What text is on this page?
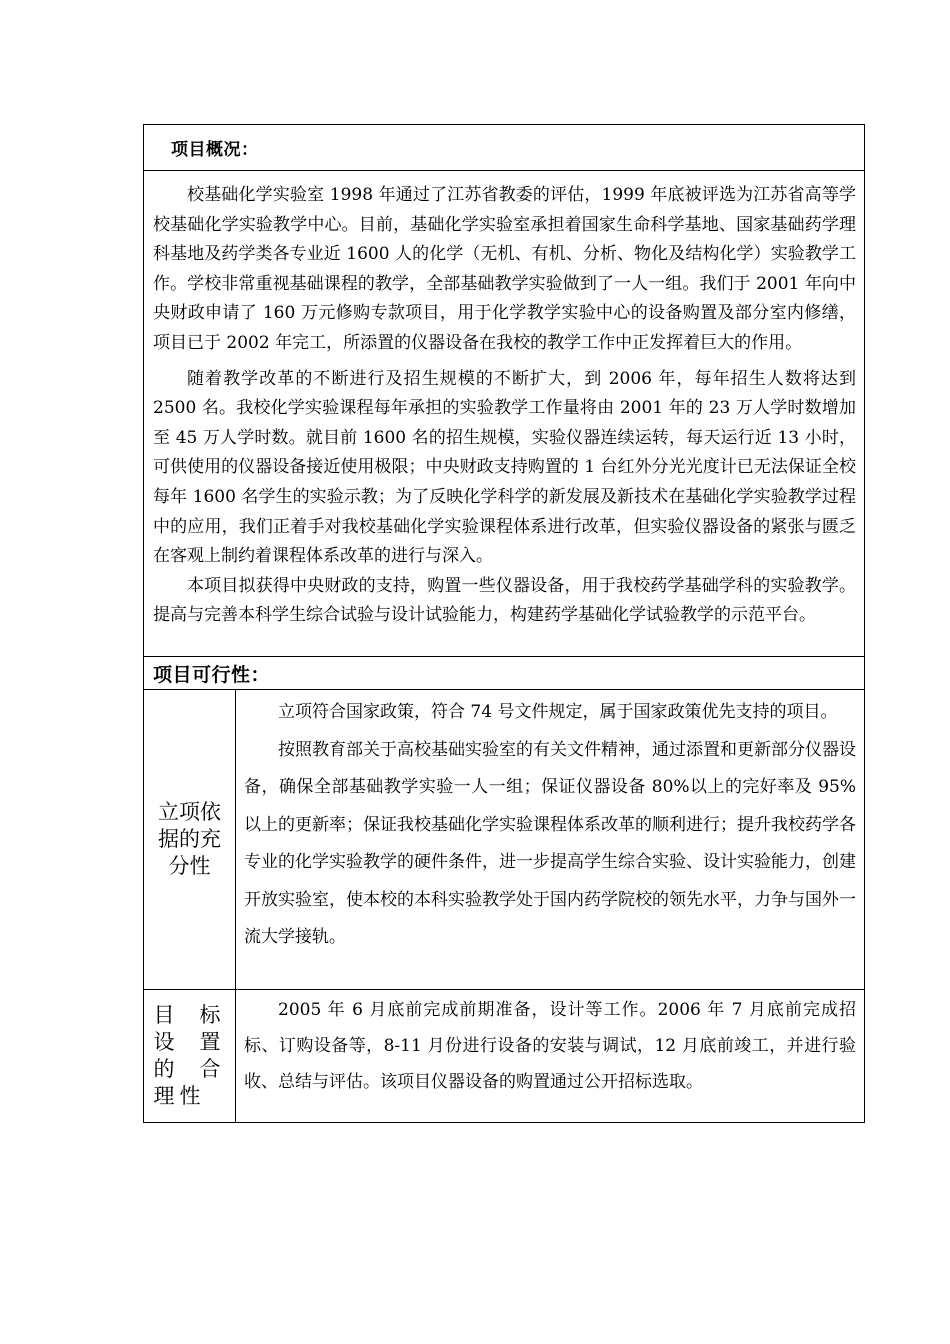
项目概况：

校基础化学实验室 1998 年通过了江苏省教委的评估，1999 年底被评选为江苏省高等学校基础化学实验教学中心。目前，基础化学实验室承担着国家生命科学基地、国家基础药学理科基地及药学类各专业近 1600 人的化学（无机、有机、分析、物化及结构化学）实验教学工作。学校非常重视基础课程的教学，全部基础教学实验做到了一人一组。我们于 2001 年向中央财政申请了 160 万元修购专款项目，用于化学教学实验中心的设备购置及部分室内修缮，项目已于 2002 年完工，所添置的仪器设备在我校的教学工作中正发挥着巨大的作用。

随着教学改革的不断进行及招生规模的不断扩大，到 2006 年，每年招生人数将达到 2500 名。我校化学实验课程每年承担的实验教学工作量将由 2001 年的 23 万人学时数增加至 45 万人学时数。就目前 1600 名的招生规模，实验仪器连续运转，每天运行近 13 小时，可供使用的仪器设备接近使用极限；中央财政支持购置的 1 台红外分光光度计已无法保证全校每年 1600 名学生的实验示教；为了反映化学科学的新发展及新技术在基础化学实验教学过程中的应用，我们正着手对我校基础化学实验课程体系进行改革，但实验仪器设备的紧张与匮乏在客观上制约着课程体系改革的进行与深入。

本项目拟获得中央财政的支持，购置一些仪器设备，用于我校药学基础学科的实验教学。提高与完善本科学生综合试验与设计试验能力，构建药学基础化学试验教学的示范平台。

项目可行性：
立项依据的充分性

立项符合国家政策，符合 74 号文件规定，属于国家政策优先支持的项目。

按照教育部关于高校基础实验室的有关文件精神，通过添置和更新部分仪器设备，确保全部基础教学实验一人一组；保证仪器设备 80%以上的完好率及 95%以上的更新率；保证我校基础化学实验课程体系改革的顺利进行；提升我校药学各专业的化学实验教学的硬件条件，进一步提高学生综合实验、设计实验能力，创建开放实验室，使本校的本科实验教学处于国内药学院校的领先水平，力争与国外一流大学接轨。

目标设置的合理性

2005 年 6 月底前完成前期准备，设计等工作。2006 年 7 月底前完成招标、订购设备等，8-11 月份进行设备的安装与调试，12 月底前竣工，并进行验收、总结与评估。该项目仪器设备的购置通过公开招标选取。
